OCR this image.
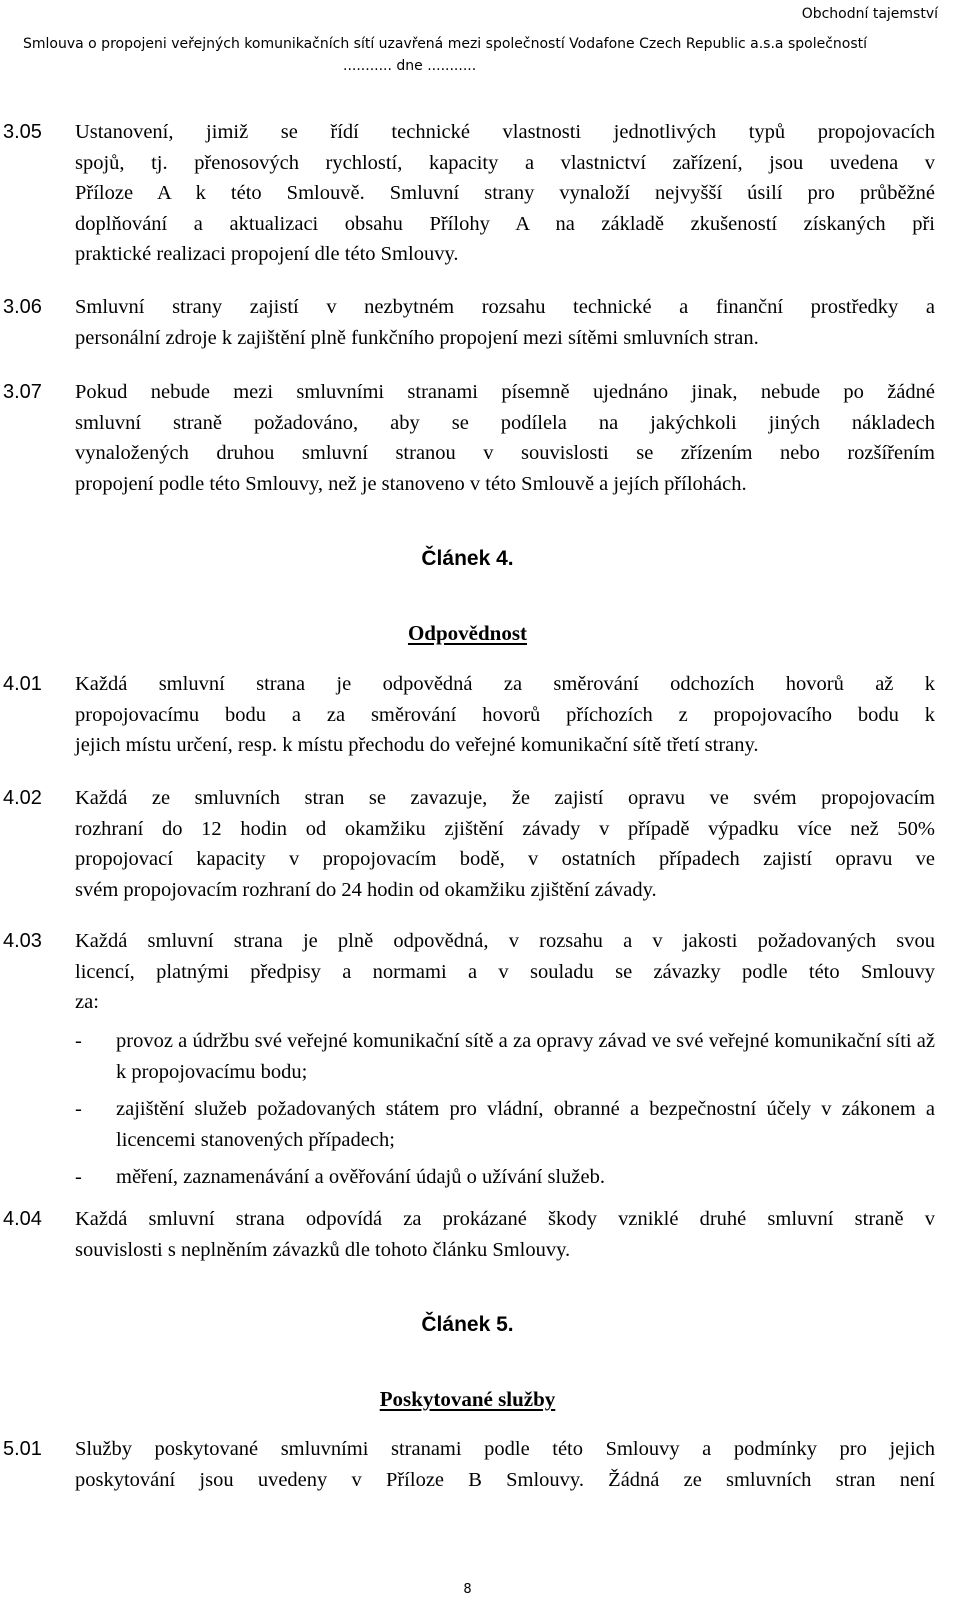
Obchodní tajemství
Smlouva o propojeni veřejných komunikačních sítí uzavřená mezi společností Vodafone Czech Republic a.s.a společností
........... dne ...........
3.05 Ustanovení, jimiž se řídí technické vlastnosti jednotlivých typů propojovacích
spojů, tj. přenosových rychlostí, kapacity a vlastnictví zařízení, jsou uvedena v
Příloze A k této Smlouvě. Smluvní strany vynaloží nejvyšší úsilí pro průběžné
doplňování a aktualizaci obsahu Přílohy A na základě zkušeností získaných při
praktické realizaci propojení dle této Smlouvy.
3.06 Smluvní strany zajistí v nezbytném rozsahu technické a finanční prostředky a
personální zdroje k zajištění plně funkčního propojení mezi sítěmi smluvních stran.
3.07 Pokud nebude mezi smluvními stranami písemně ujednáno jinak, nebude po žádné
smluvní straně požadováno, aby se podílela na jakýchkoli jiných nákladech
vynaložených druhou smluvní stranou v souvislosti se zřízením nebo rozšířením
propojení podle této Smlouvy, než je stanoveno v této Smlouvě a jejích přílohách.
Článek 4.
Odpovědnost
4.01 Každá smluvní strana je odpovědná za směrování odchozích hovorů až k
propojovacímu bodu a za směrování hovorů příchozích z propojovacího bodu k
jejich místu určení, resp. k místu přechodu do veřejné komunikační sítě třetí strany.
4.02 Každá ze smluvních stran se zavazuje, že zajistí opravu ve svém propojovacím
rozhraní do 12 hodin od okamžiku zjištění závady v případě výpadku více než 50%
propojovací kapacity v propojovacím bodě, v ostatních případech zajistí opravu ve
svém propojovacím rozhraní do 24 hodin od okamžiku zjištění závady.
4.03 Každá smluvní strana je plně odpovědná, v rozsahu a v jakosti požadovaných svou
licencí, platnými předpisy a normami a v souladu se závazky podle této Smlouvy
za:
- provoz a údržbu své veřejné komunikační sítě a za opravy závad ve své veřejné komunikační síti až k propojovacímu bodu;
- zajištění služeb požadovaných státem pro vládní, obranné a bezpečnostní účely v zákonem a licencemi stanovených případech;
- měření, zaznamenávání a ověřování údajů o užívání služeb.
4.04 Každá smluvní strana odpovídá za prokázané škody vzniklé druhé smluvní straně v
souvislosti s neplněním závazků dle tohoto článku Smlouvy.
Článek 5.
Poskytované služby
5.01 Služby poskytované smluvními stranami podle této Smlouvy a podmínky pro jejich
poskytování jsou uvedeny v Příloze B Smlouvy. Žádná ze smluvních stran není
8
